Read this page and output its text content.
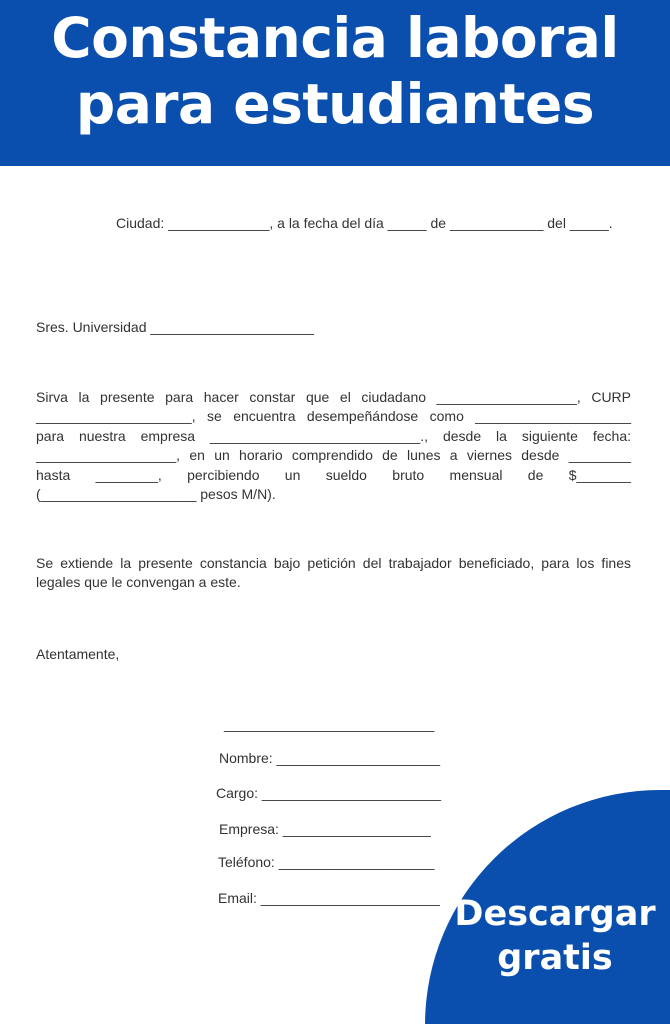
Constancia laboral
para estudiantes
Ciudad: _____________, a la fecha del día _____ de ____________ del _____.
Sres. Universidad _____________________
Sirva la presente para hacer constar que el ciudadano __________________, CURP
____________________, se encuentra desempeñándose como ____________________
para nuestra empresa ___________________________., desde la siguiente fecha:
__________________, en un horario comprendido de lunes a viernes desde ________
hasta ________, percibiendo un sueldo bruto mensual de $_______
(____________________ pesos M/N).
Se extiende la presente constancia bajo petición del trabajador beneficiado, para los fines
legales que le convengan a este.
Atentamente,
___________________________
Nombre: _____________________
Cargo: _______________________
Empresa: ___________________
Teléfono: ____________________
Email: _______________________ Descargar
gratis
